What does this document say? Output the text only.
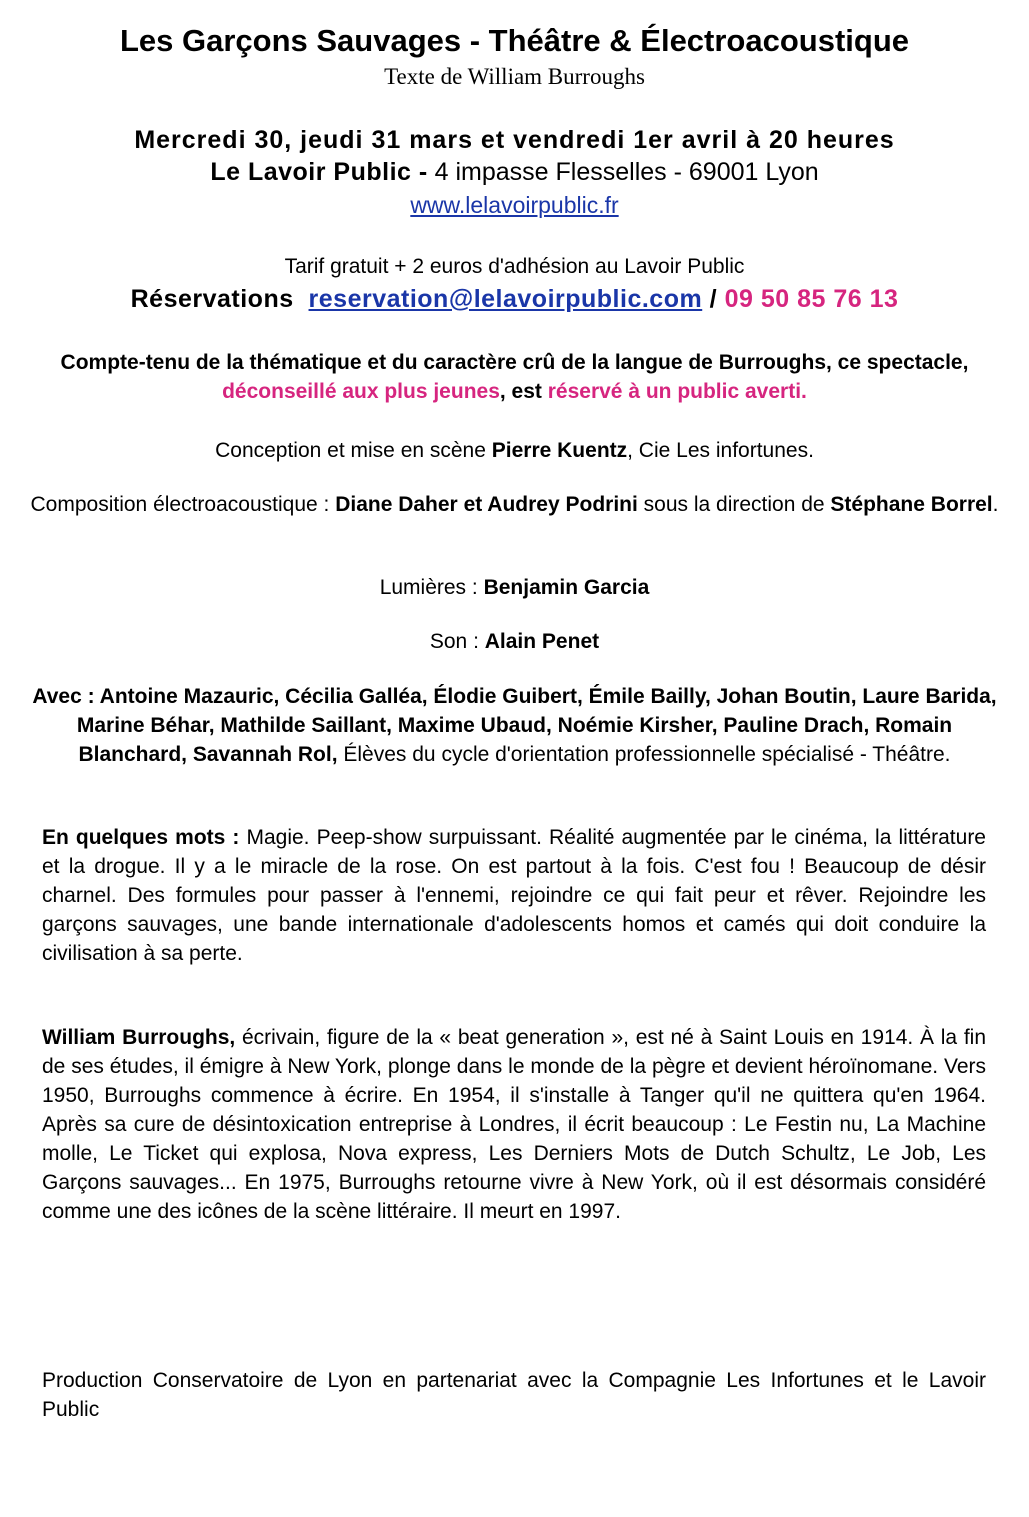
Les Garçons Sauvages - Théâtre & Électroacoustique
Texte de William Burroughs
Mercredi 30, jeudi 31 mars et vendredi 1er avril à 20 heures
Le Lavoir Public - 4 impasse Flesselles - 69001 Lyon
www.lelavoirpublic.fr
Tarif gratuit + 2 euros d'adhésion au Lavoir Public
Réservations  reservation@lelavoirpublic.com / 09 50 85 76 13
Compte-tenu de la thématique et du caractère crû de la langue de Burroughs, ce spectacle, déconseillé aux plus jeunes, est réservé à un public averti.
Conception et mise en scène Pierre Kuentz, Cie Les infortunes.
Composition électroacoustique : Diane Daher et Audrey Podrini sous la direction de Stéphane Borrel.
Lumières : Benjamin Garcia
Son : Alain Penet
Avec : Antoine Mazauric, Cécilia Galléa, Élodie Guibert, Émile Bailly, Johan Boutin, Laure Barida, Marine Béhar, Mathilde Saillant, Maxime Ubaud, Noémie Kirsher, Pauline Drach, Romain Blanchard, Savannah Rol, Élèves du cycle d'orientation professionnelle spécialisé - Théâtre.
En quelques mots : Magie. Peep-show surpuissant. Réalité augmentée par le cinéma, la littérature et la drogue. Il y a le miracle de la rose. On est partout à la fois. C'est fou ! Beaucoup de désir charnel. Des formules pour passer à l'ennemi, rejoindre ce qui fait peur et rêver. Rejoindre les garçons sauvages, une bande internationale d'adolescents homos et camés qui doit conduire la civilisation à sa perte.
William Burroughs, écrivain, figure de la « beat generation », est né à Saint Louis en 1914. À la fin de ses études, il émigre à New York, plonge dans le monde de la pègre et devient héroïnomane. Vers 1950, Burroughs commence à écrire. En 1954, il s'installe à Tanger qu'il ne quittera qu'en 1964. Après sa cure de désintoxication entreprise à Londres, il écrit beaucoup : Le Festin nu, La Machine molle, Le Ticket qui explosa, Nova express, Les Derniers Mots de Dutch Schultz, Le Job, Les Garçons sauvages... En 1975, Burroughs retourne vivre à New York, où il est désormais considéré comme une des icônes de la scène littéraire. Il meurt en 1997.
Production Conservatoire de Lyon en partenariat avec la Compagnie Les Infortunes et le Lavoir Public
